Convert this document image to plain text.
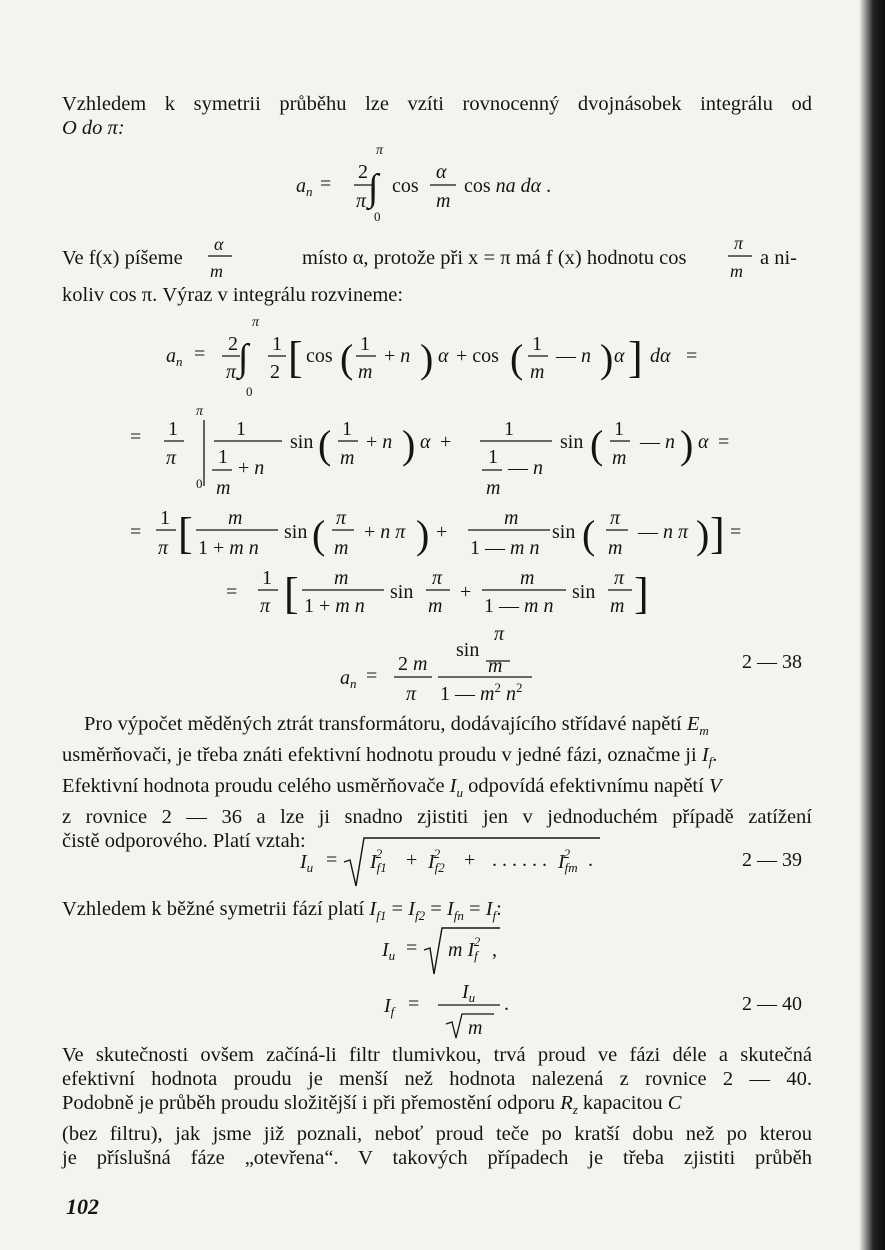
Vzhledem k symetrii průběhu lze vzíti rovnocenný dvojnásobek integrálu od
O do π:
Ve f(x) píšeme	místo α, protože při x = π má f (x) hodnotu cos	a ni-
koliv cos π. Výraz v integrálu rozvineme:
Pro výpočet měděných ztrát transformátoru, dodávajícího střídavé napětí $E_m$
usměrňovači, je třeba znáti efektivní hodnotu proudu v jedné fázi, označme ji $I_f$.
Efektivní hodnota proudu celého usměrňovače $I_u$ odpovídá efektivnímu napětí V
z rovnice 2 — 36 a lze ji snadno zjistiti jen v jednoduchém případě zatížení
čistě odporového. Platí vztah:
Vzhledem k běžné symetrii fází platí $I_{f1} = I_{f2} = I_{fn} = I_f$:
Ve skutečnosti ovšem začíná-li filtr tlumivkou, trvá proud ve fázi déle a skutečná
efektivní hodnota proudu je menší než hodnota nalezená z rovnice 2 — 40.
Podobně je průběh proudu složitější i při přemostění odporu $R_z$ kapacitou C
(bez filtru), jak jsme již poznali, neboť proud teče po kratší dobu než po kterou
je příslušná fáze „otevřena“. V takových případech je třeba zjistiti průběh
102
π
$a_n$ =
2
π ∫
0
cos
α
m
cos na dα .
α
m
π
m
π
$a_n = 2$
π ∫
0
1
2 [ cos ( 1
m
+ n ) α + cos ( 1
m
— n ) α ] dα =
π
= 1
π
0
1
1 + n
m
sin ( 1
m
+ n ) α +
1
1 — n
m
sin ( 1
m
— n ) α =
=
1
π [ m
1 + m n
sin ( π
m
+ n π ) +
m
1 — m n
sin ( π
m
— n π ) ] =
=
1
π [ m
1 + m n
sin
π
m
+
m
1 — m n
sin
π
m ]
π
sin
m
$a_n$ =
2 m
π 1 — $m^2$ $n^2$
2 — 38
$I_u = I_{f1}2 + I_{f2}2$ + . . . . . . $I_{fm}2$ .	2 — 39
$I_u = m$ $I_f2$ ,
$I_f$ =
$I_u$
m
.	2 — 40
